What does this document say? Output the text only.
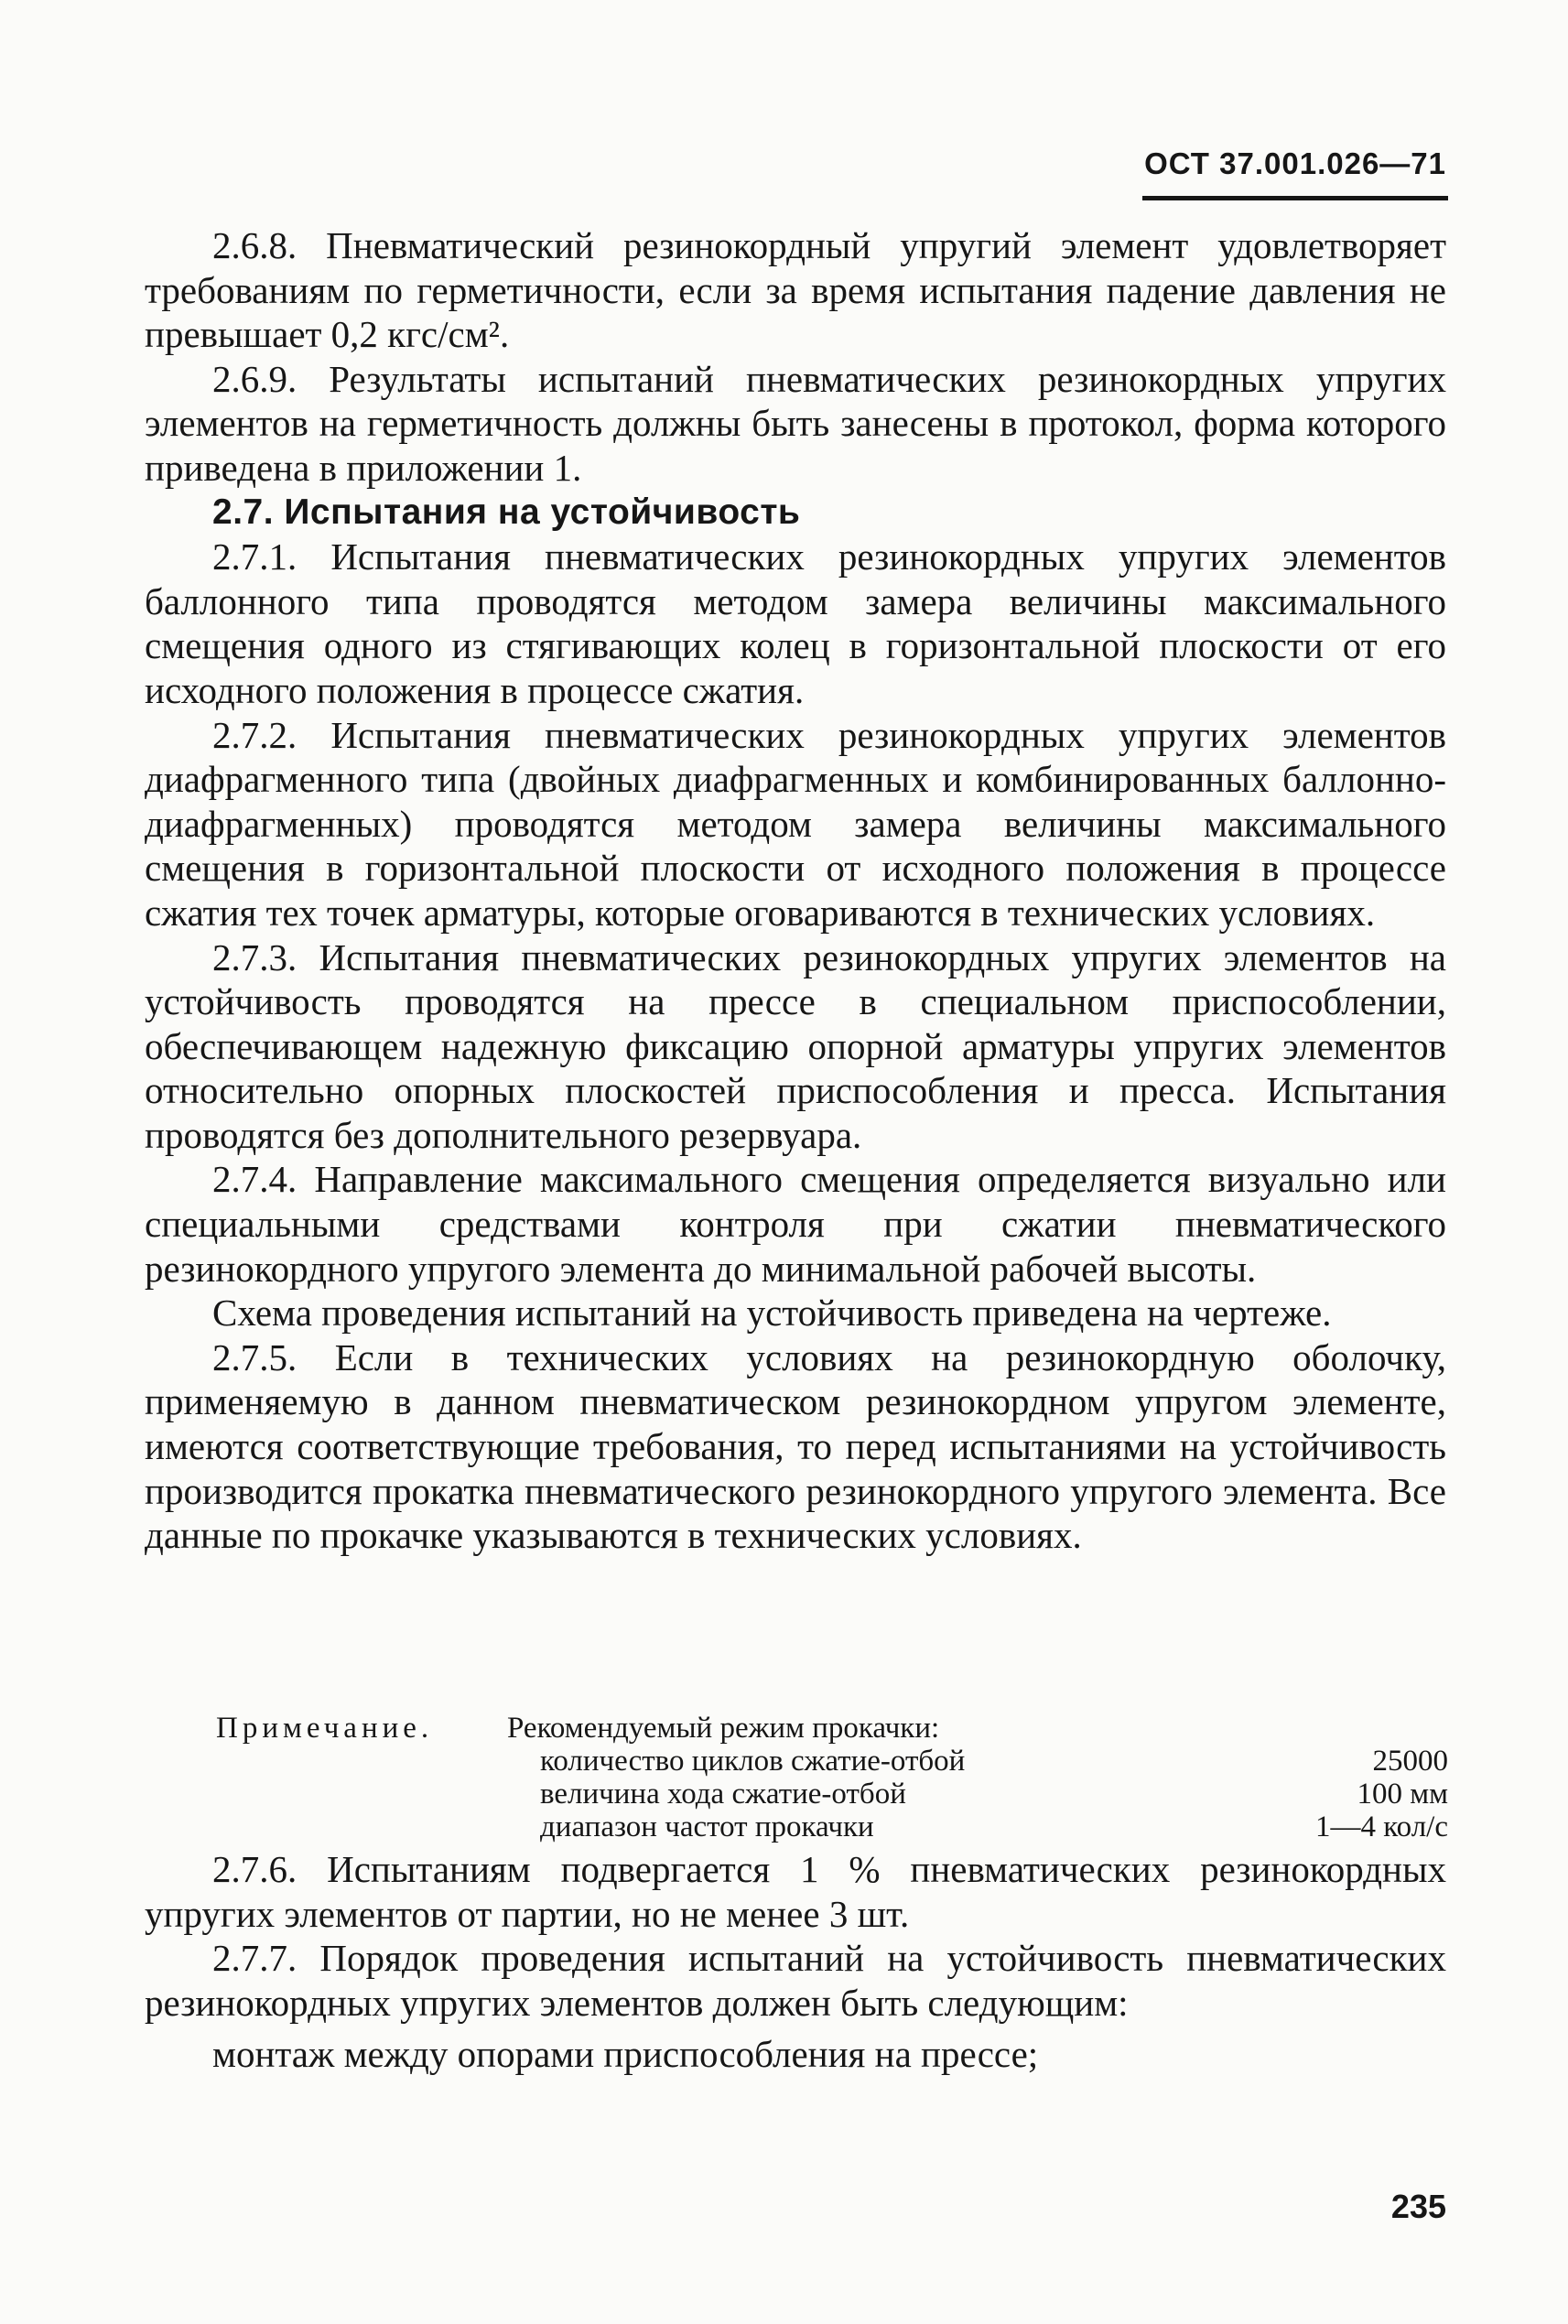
ОСТ 37.001.026—71

2.6.8. Пневматический резинокордный упругий элемент удовлетворяет требованиям по герметичности, если за время испытания падение давления не превышает 0,2 кгс/см².

2.6.9. Результаты испытаний пневматических резинокордных упругих элементов на герметичность должны быть занесены в протокол, форма которого приведена в приложении 1.

2.7. Испытания на устойчивость

2.7.1. Испытания пневматических резинокордных упругих элементов баллонного типа проводятся методом замера величины максимального смещения одного из стягивающих колец в горизонтальной плоскости от его исходного положения в процессе сжатия.

2.7.2. Испытания пневматических резинокордных упругих элементов диафрагменного типа (двойных диафрагменных и комбинированных баллонно-диафрагменных) проводятся методом замера величины максимального смещения в горизонтальной плоскости от исходного положения в процессе сжатия тех точек арматуры, которые оговариваются в технических условиях.

2.7.3. Испытания пневматических резинокордных упругих элементов на устойчивость проводятся на прессе в специальном приспособлении, обеспечивающем надежную фиксацию опорной арматуры упругих элементов относительно опорных плоскостей приспособления и пресса. Испытания проводятся без дополнительного резервуара.

2.7.4. Направление максимального смещения определяется визуально или специальными средствами контроля при сжатии пневматического резинокордного упругого элемента до минимальной рабочей высоты.

Схема проведения испытаний на устойчивость приведена на чертеже.

2.7.5. Если в технических условиях на резинокордную оболочку, применяемую в данном пневматическом резинокордном упругом элементе, имеются соответствующие требования, то перед испытаниями на устойчивость производится прокатка пневматического резинокордного упругого элемента. Все данные по прокачке указываются в технических условиях.

Примечание.	Рекомендуемый режим прокачки:
количество циклов сжатие-отбой	25000
величина хода сжатие-отбой	100 мм
диапазон частот прокачки	1—4 кол/с

2.7.6. Испытаниям подвергается 1 % пневматических резинокордных упругих элементов от партии, но не менее 3 шт.

2.7.7. Порядок проведения испытаний на устойчивость пневматических резинокордных упругих элементов должен быть следующим:

монтаж между опорами приспособления на прессе;

235
